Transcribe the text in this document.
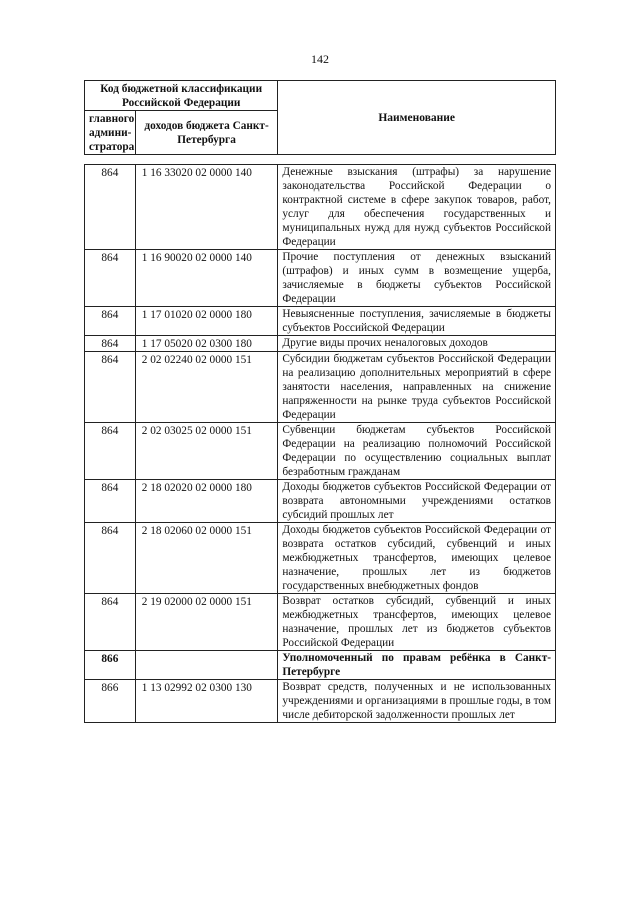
142
Код бюджетной классификации Российской Федерации		Наименование
главного админи-стратора	доходов бюджета Санкт-Петербурга	
864	1 16 33020 02 0000 140	Денежные взыскания (штрафы) за нарушение законодательства Российской Федерации о контрактной системе в сфере закупок товаров, работ, услуг для обеспечения государственных и муниципальных нужд для нужд субъектов Российской Федерации
864	1 16 90020 02 0000 140	Прочие поступления от денежных взысканий (штрафов) и иных сумм в возмещение ущерба, зачисляемые в бюджеты субъектов Российской Федерации
864	1 17 01020 02 0000 180	Невыясненные поступления, зачисляемые в бюджеты субъектов Российской Федерации
864	1 17 05020 02 0300 180	Другие виды прочих неналоговых доходов
864	2 02 02240 02 0000 151	Субсидии бюджетам субъектов Российской Федерации на реализацию дополнительных мероприятий в сфере занятости населения, направленных на снижение напряженности на рынке труда субъектов Российской Федерации
864	2 02 03025 02 0000 151	Субвенции бюджетам субъектов Российской Федерации на реализацию полномочий Российской Федерации по осуществлению социальных выплат безработным гражданам
864	2 18 02020 02 0000 180	Доходы бюджетов субъектов Российской Федерации от возврата автономными учреждениями остатков субсидий прошлых лет
864	2 18 02060 02 0000 151	Доходы бюджетов субъектов Российской Федерации от возврата остатков субсидий, субвенций и иных межбюджетных трансфертов, имеющих целевое назначение, прошлых лет из бюджетов государственных внебюджетных фондов
864	2 19 02000 02 0000 151	Возврат остатков субсидий, субвенций и иных межбюджетных трансфертов, имеющих целевое назначение, прошлых лет из бюджетов субъектов Российской Федерации
866		Уполномоченный по правам ребёнка в Санкт-Петербурге
866	1 13 02992 02 0300 130	Возврат средств, полученных и не использованных учреждениями и организациями в прошлые годы, в том числе дебиторской задолженности прошлых лет
